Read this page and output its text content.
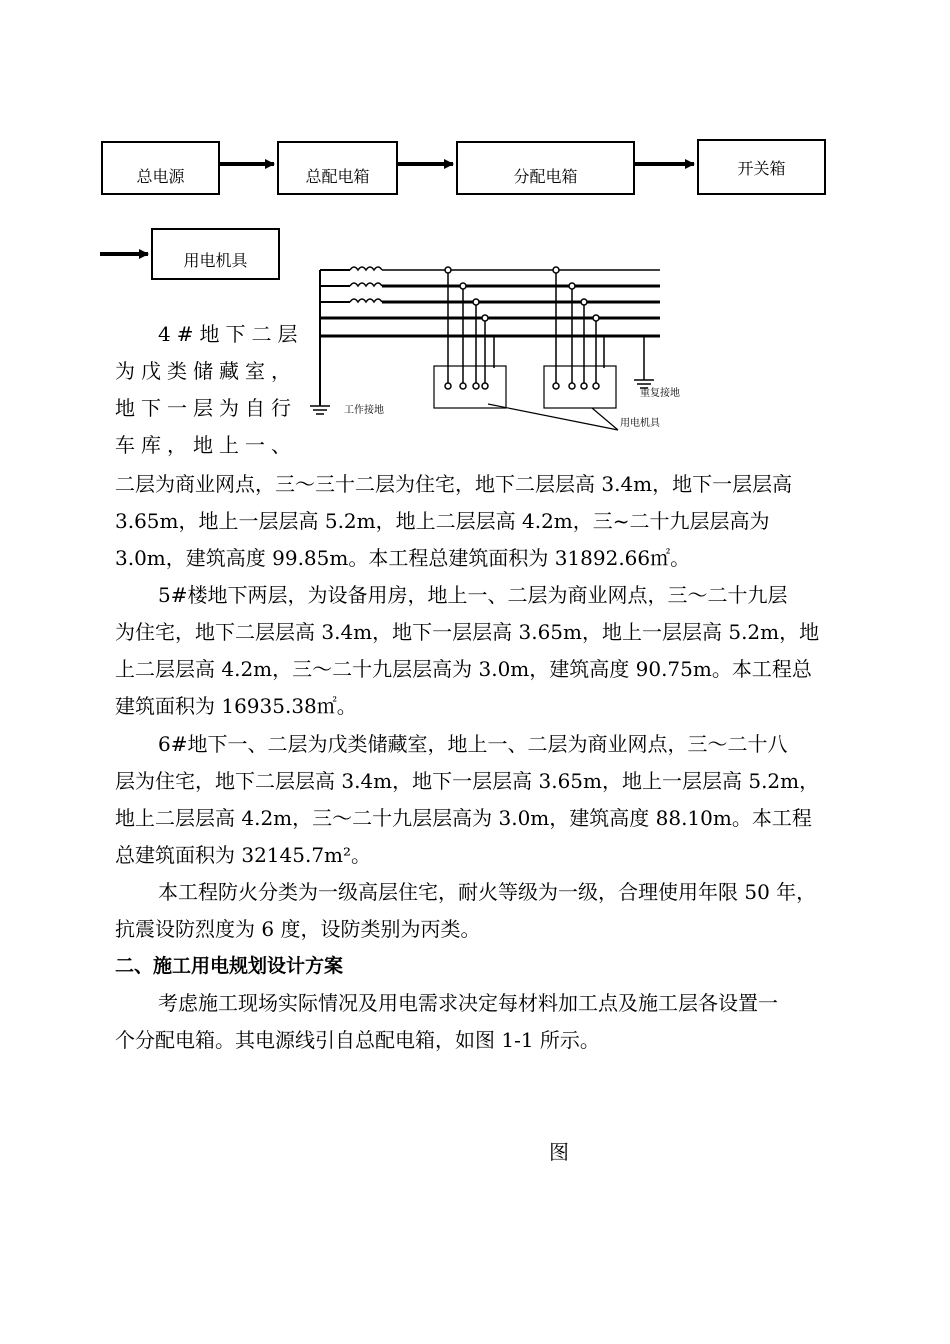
总电源	总配电箱	分配电箱	开关箱
用电机具
工作接地
重复接地
用电机具
4#地下二层
为戊类储藏室，
地下一层为自行
车库，地上一、
二层为商业网点，三～三十二层为住宅，地下二层层高 3.4m，地下一层层高
3.65m，地上一层层高 5.2m，地上二层层高 4.2m，三~二十九层层高为
3.0m，建筑高度 99.85m。本工程总建筑面积为 31892.66㎡。
5#楼地下两层，为设备用房，地上一、二层为商业网点，三～二十九层
为住宅，地下二层层高 3.4m，地下一层层高 3.65m，地上一层层高 5.2m，地
上二层层高 4.2m，三～二十九层层高为 3.0m，建筑高度 90.75m。本工程总
建筑面积为 16935.38㎡。
6#地下一、二层为戊类储藏室，地上一、二层为商业网点，三～二十八
层为住宅，地下二层层高 3.4m，地下一层层高 3.65m，地上一层层高 5.2m，
地上二层层高 4.2m，三～二十九层层高为 3.0m，建筑高度 88.10m。本工程
总建筑面积为 32145.7m²。
本工程防火分类为一级高层住宅，耐火等级为一级，合理使用年限 50 年，
抗震设防烈度为 6 度，设防类别为丙类。
二、施工用电规划设计方案
考虑施工现场实际情况及用电需求决定每材料加工点及施工层各设置一
个分配电箱。其电源线引自总配电箱，如图 1-1 所示。
图
